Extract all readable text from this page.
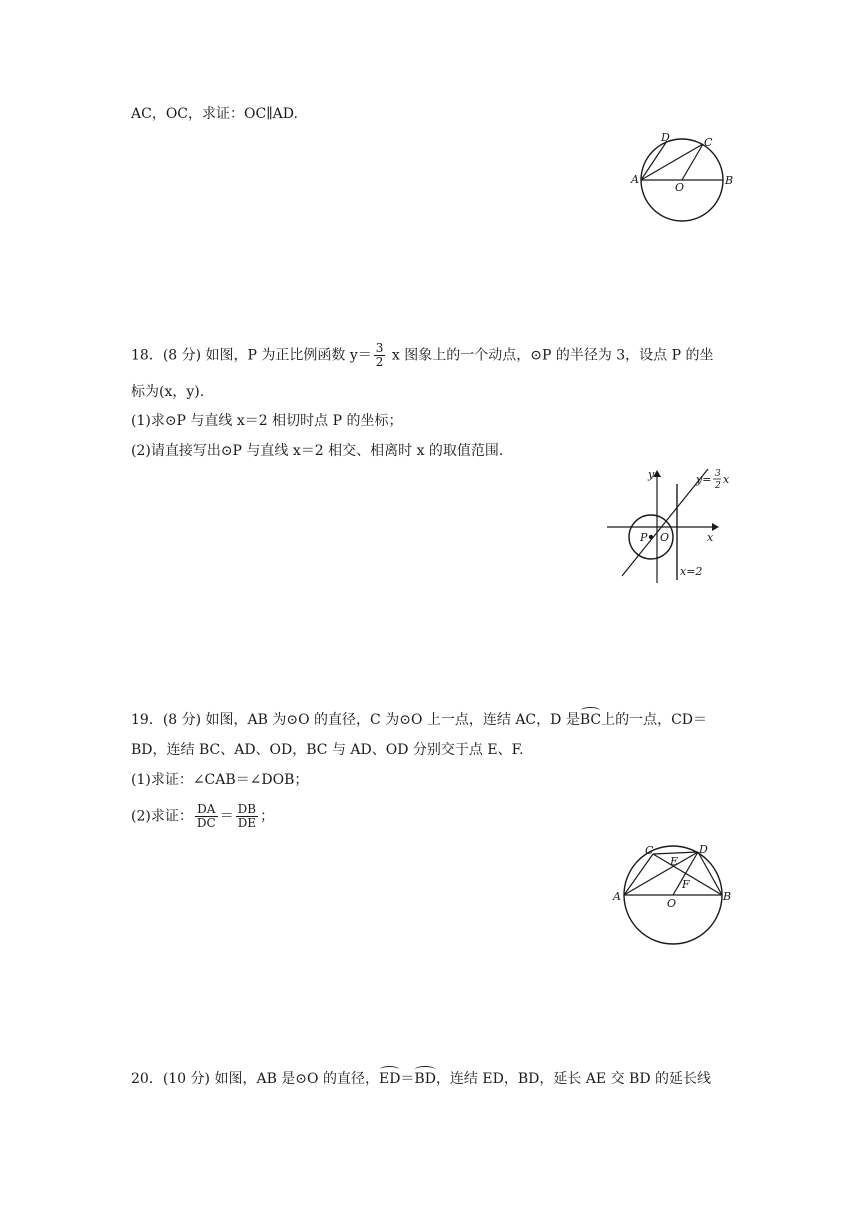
AC，OC，求证：OC∥AD.
A	B
C
D
O
18．(8 分) 如图，P 为正比例函数 $y= \frac{3}{2}$ x 图象上的一个动点，⊙P 的半径为 3，设点 P 的坐
标为(x，y).
(1)求⊙P 与直线 x＝2 相切时点 P 的坐标；
(2)请直接写出⊙P 与直线 x＝2 相交、相离时 x 的取值范围.
y
x
P O
y= 3
2 x
x=2
19．(8 分) 如图，AB 为⊙O 的直径，C 为⊙O 上一点，连结 AC，D 是BC上的一点，CD＝
BD，连结 BC、AD、OD，BC 与 AD、OD 分别交于点 E、F.
(1)求证：∠CAB＝∠DOB；
(2)求证： $\frac{DA}{DC} = \frac{DB}{DE}$ ；
A	B
C	D
E
F
O
20．(10 分) 如图，AB 是⊙O 的直径，ED＝BD，连结 ED，BD，延长 AE 交 BD 的延长线
